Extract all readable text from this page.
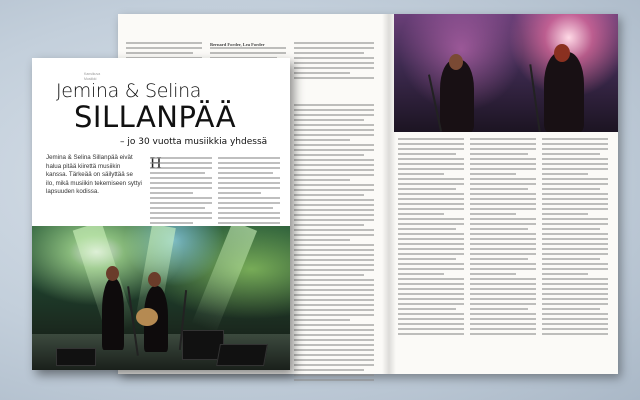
Bernard Forder, Lea Forder
Kansikuva
Musiikki
Jemina & Selina
SILLANPÄÄ
– jo 30 vuotta musiikkia yhdessä
Jemina & Selina Sillanpää eivät halua pitää kiirettä musiikin kanssa. Tärkeää on säilyttää se ilo, mikä musiikin tekemiseen syttyi lapsuuden kodissa.
